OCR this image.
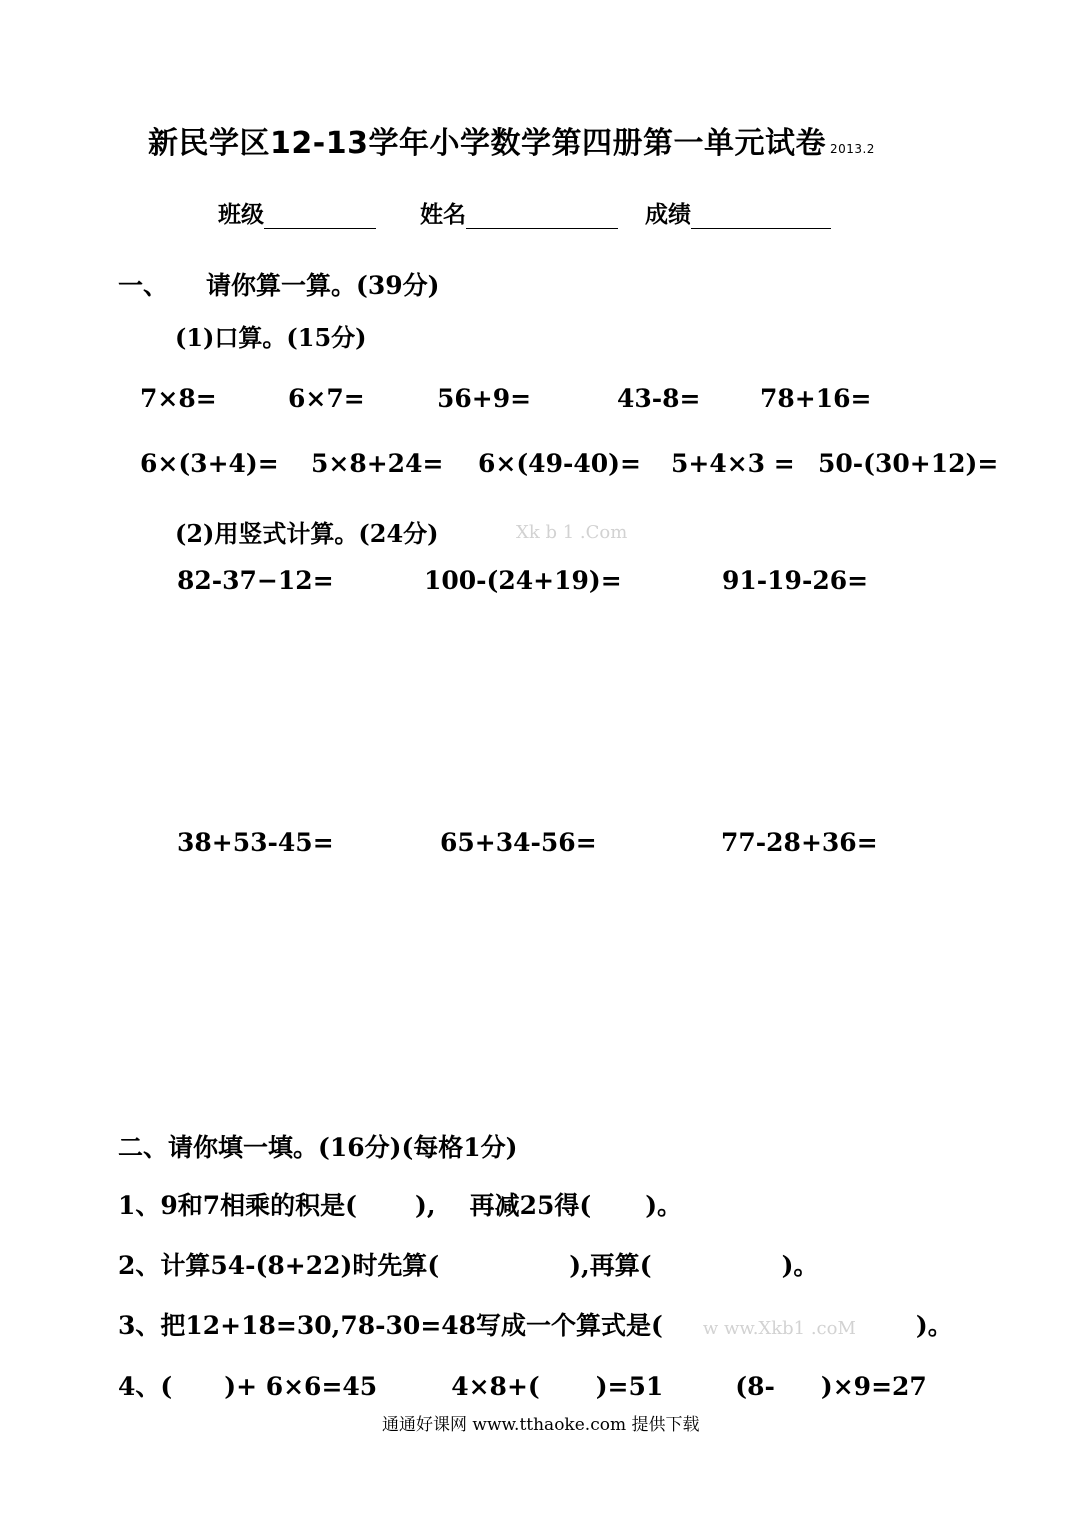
新民学区12-13学年小学数学第四册第一单元试卷 2013.2
班级	姓名	成绩
一、 请你算一算。(39分)
(1)口算。(15分)
7×8=	6×7=	56+9=	43-8= 78+16=
6×(3+4)= 5×8+24= 6×(49-40)= 5+4×3 = 50-(30+12)=
(2)用竖式计算。(24分)	Xk b 1 .Com
82-37−12=	100-(24+19)=	91-19-26=
38+53-45=	65+34-56=	77-28+36=
二、请你填一填。(16分)(每格1分)
1、9和7相乘的积是( ), 再减25得( )。
2、计算54-(8+22)时先算(	),再算(	)。
3、把12+18=30,78-30=48写成一个算式是( w ww.Xkb1 .coM )。
4、( )+ 6×6=45	4×8+( )=51	(8- )×9=27
通通好课网 www.tthaoke.com 提供下载
